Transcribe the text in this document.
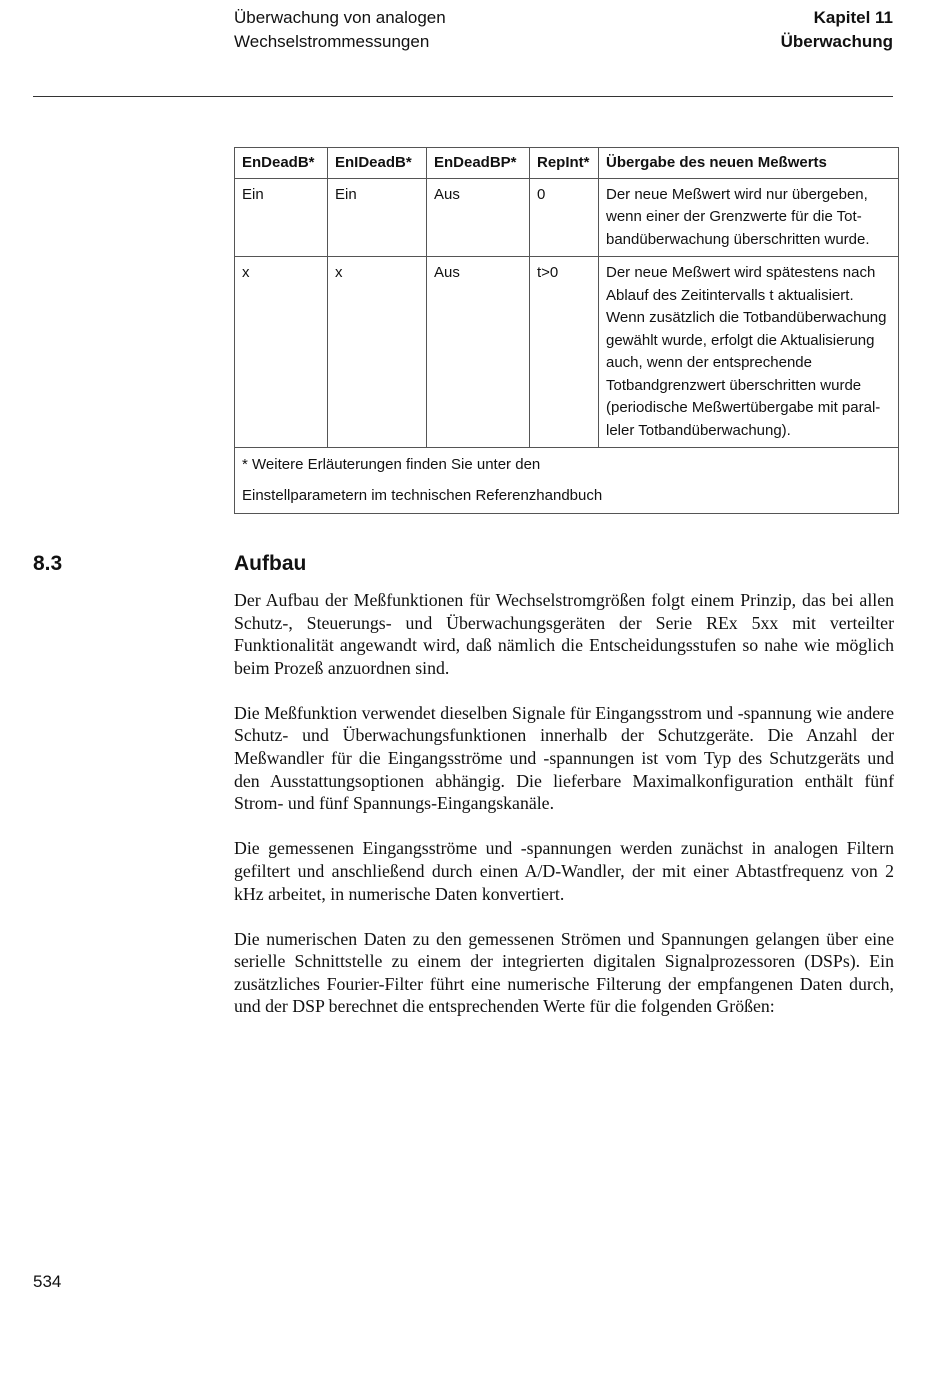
Überwachung von analogen
Wechselstrommessungen
Kapitel 11
Überwachung
EnDeadB*	EnIDeadB*	EnDeadBP*	RepInt*	Übergabe des neuen Meßwerts
Ein	Ein	Aus	0	Der neue Meßwert wird nur übergeben, wenn einer der Grenzwerte für die Totbandüberwachung überschritten wurde.
x	x	Aus	t>0	Der neue Meßwert wird spätestens nach Ablauf des Zeitintervalls t aktualisiert. Wenn zusätzlich die Totbandüberwachung gewählt wurde, erfolgt die Aktualisierung auch, wenn der entsprechende Totbandgrenzwert überschritten wurde (periodische Meßwertübergabe mit paralleler Totbandüberwachung).

* Weitere Erläuterungen finden Sie unter den
Einstellparametern im technischen Referenzhandbuch				
8.3	Aufbau

Der Aufbau der Meßfunktionen für Wechselstromgrößen folgt einem Prinzip, das bei allen Schutz-, Steuerungs- und Überwachungsgeräten der Serie REx 5xx mit verteilter Funktionalität angewandt wird, daß nämlich die Entscheidungsstufen so nahe wie möglich beim Prozeß anzuordnen sind.

Die Meßfunktion verwendet dieselben Signale für Eingangsstrom und -spannung wie andere Schutz- und Überwachungsfunktionen innerhalb der Schutzgeräte. Die Anzahl der Meßwandler für die Eingangsströme und -spannungen ist vom Typ des Schutzgeräts und den Ausstattungsoptionen abhängig. Die lieferbare Maximalkonfiguration enthält fünf Strom- und fünf Spannungs-Eingangskanäle.

Die gemessenen Eingangsströme und -spannungen werden zunächst in analogen Filtern gefiltert und anschließend durch einen A/D-Wandler, der mit einer Abtastfrequenz von 2 kHz arbeitet, in numerische Daten konvertiert.

Die numerischen Daten zu den gemessenen Strömen und Spannungen gelangen über eine serielle Schnittstelle zu einem der integrierten digitalen Signalprozessoren (DSPs). Ein zusätzliches Fourier-Filter führt eine numerische Filterung der empfangenen Daten durch, und der DSP berechnet die entsprechenden Werte für die folgenden Größen:

534
